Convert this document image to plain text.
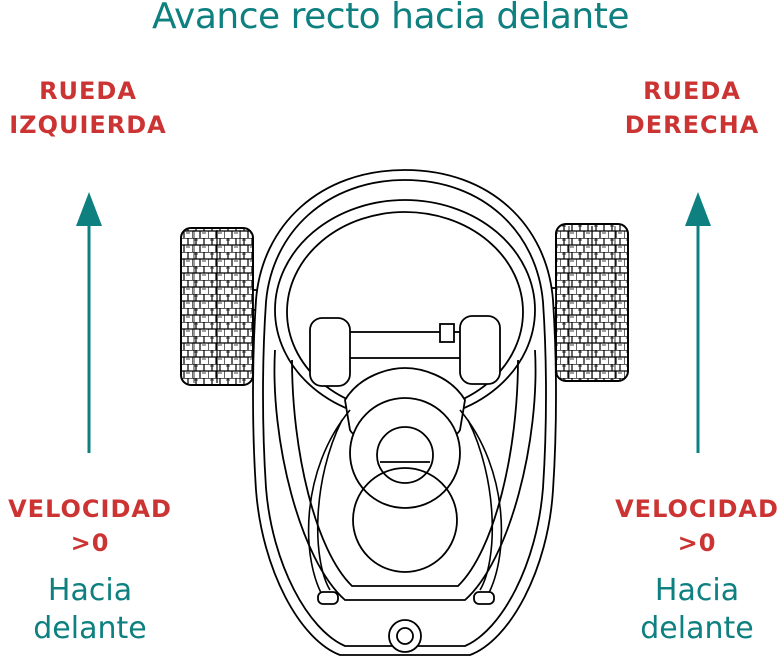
Avance recto hacia delante
RUEDA
IZQUIERDA
VELOCIDAD
>0
Hacia
delante
RUEDA
DERECHA
VELOCIDAD
>0
Hacia
delante
